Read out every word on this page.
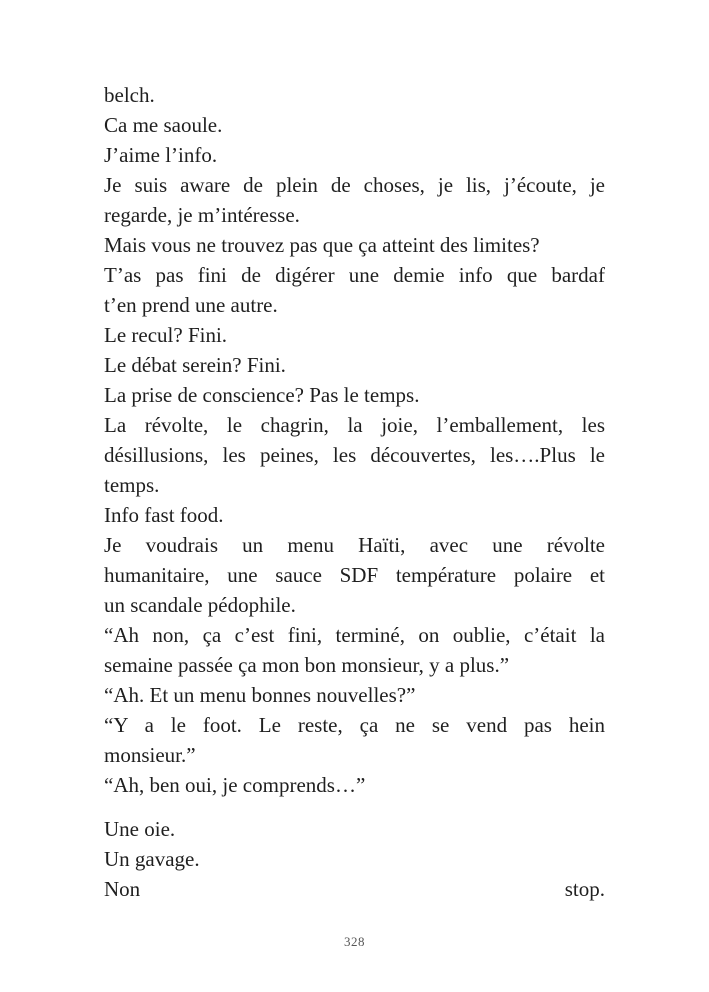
belch.

Ca me saoule.

J’aime l’info.

Je suis aware de plein de choses, je lis, j’écoute, je
regarde, je m’intéresse.

Mais vous ne trouvez pas que ça atteint des limites?

T’as pas fini de digérer une demie info que bardaf
t’en prend une autre.

Le recul? Fini.

Le débat serein? Fini.

La prise de conscience? Pas le temps.

La révolte, le chagrin, la joie, l’emballement, les
désillusions, les peines, les découvertes, les….Plus le
temps.

Info fast food.

Je voudrais un menu Haïti, avec une révolte
humanitaire, une sauce SDF température polaire et
un scandale pédophile.

“Ah non, ça c’est fini, terminé, on oublie, c’était la
semaine passée ça mon bon monsieur, y a plus.”

“Ah. Et un menu bonnes nouvelles?”

“Y a le foot. Le reste, ça ne se vend pas hein
monsieur.”

“Ah, ben oui, je comprends…”

Une oie.

Un gavage.

Non	stop.

328
